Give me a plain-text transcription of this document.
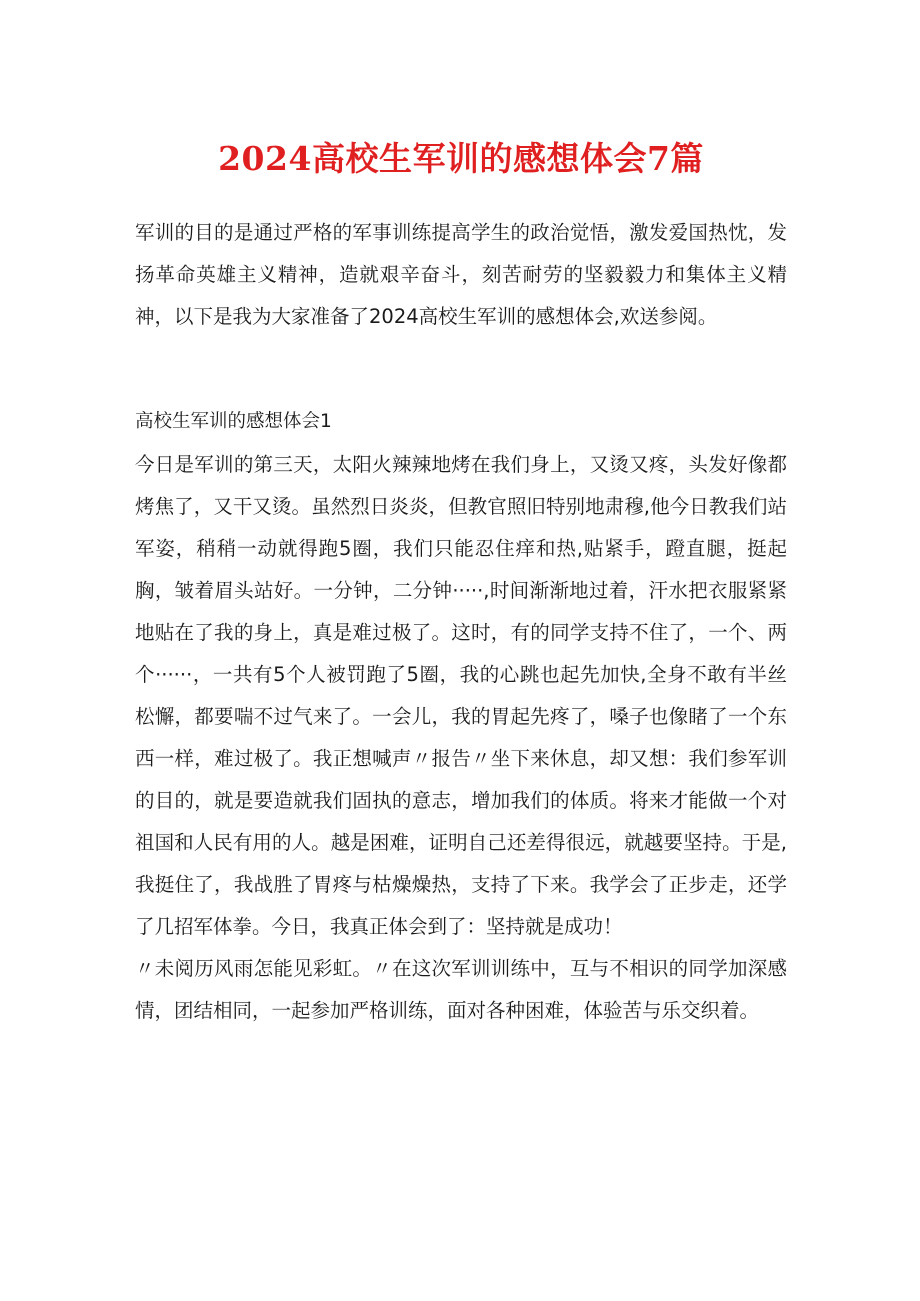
2024高校生军训的感想体会7篇

军训的目的是通过严格的军事训练提高学生的政治觉悟，激发爱国热忱，发扬革命英雄主义精神，造就艰辛奋斗，刻苦耐劳的坚毅毅力和集体主义精神，以下是我为大家准备了2024高校生军训的感想体会,欢送参阅。

高校生军训的感想体会1

今日是军训的第三天，太阳火辣辣地烤在我们身上，又烫又疼，头发好像都烤焦了，又干又烫。虽然烈日炎炎，但教官照旧特别地肃穆,他今日教我们站军姿，稍稍一动就得跑5圈，我们只能忍住痒和热,贴紧手，蹬直腿，挺起胸，皱着眉头站好。一分钟，二分钟·····,时间渐渐地过着，汗水把衣服紧紧地贴在了我的身上，真是难过极了。这时，有的同学支持不住了，一个、两个······，一共有5个人被罚跑了5圈，我的心跳也起先加快,全身不敢有半丝松懈，都要喘不过气来了。一会儿，我的胃起先疼了，嗓子也像睹了一个东西一样，难过极了。我正想喊声〃报告〃坐下来休息，却又想：我们参军训的目的，就是要造就我们固执的意志，增加我们的体质。将来才能做一个对祖国和人民有用的人。越是困难，证明自己还差得很远，就越要坚持。于是,我挺住了，我战胜了胃疼与枯燥燥热，支持了下来。我学会了正步走，还学了几招军体拳。今日，我真正体会到了：坚持就是成功！

〃未阅历风雨怎能见彩虹。〃在这次军训训练中，互与不相识的同学加深感情，团结相同，一起参加严格训练，面对各种困难，体验苦与乐交织着。
